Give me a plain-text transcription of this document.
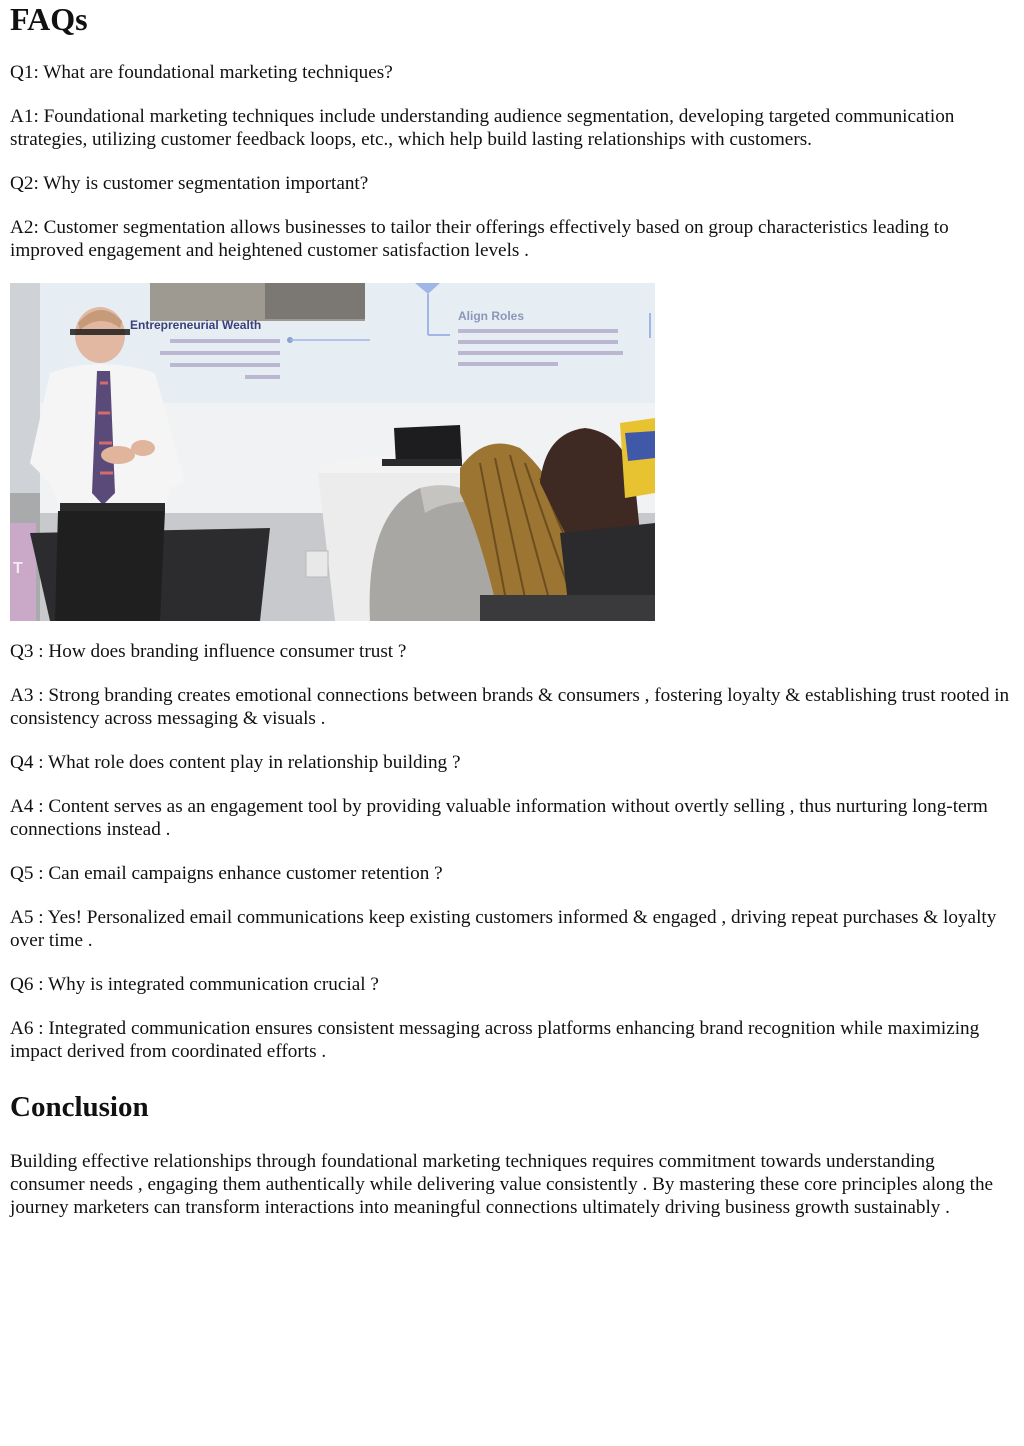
FAQs

Q1: What are foundational marketing techniques?

A1: Foundational marketing techniques include understanding audience segmentation, developing targeted communication strategies, utilizing customer feedback loops, etc., which help build lasting relationships with customers.

Q2: Why is customer segmentation important?

A2: Customer segmentation allows businesses to tailor their offerings effectively based on group characteristics leading to improved engagement and heightened customer satisfaction levels .

Entrepreneurial Wealth
Align Roles
T

Q3 : How does branding influence consumer trust ?

A3 : Strong branding creates emotional connections between brands & consumers , fostering loyalty & establishing trust rooted in consistency across messaging & visuals .

Q4 : What role does content play in relationship building ?

A4 : Content serves as an engagement tool by providing valuable information without overtly selling , thus nurturing long-term connections instead .

Q5 : Can email campaigns enhance customer retention ?

A5 : Yes! Personalized email communications keep existing customers informed & engaged , driving repeat purchases & loyalty over time .

Q6 : Why is integrated communication crucial ?

A6 : Integrated communication ensures consistent messaging across platforms enhancing brand recognition while maximizing impact derived from coordinated efforts .

Conclusion

Building effective relationships through foundational marketing techniques requires commitment towards understanding consumer needs , engaging them authentically while delivering value consistently . By mastering these core principles along the journey marketers can transform interactions into meaningful connections ultimately driving business growth sustainably .
